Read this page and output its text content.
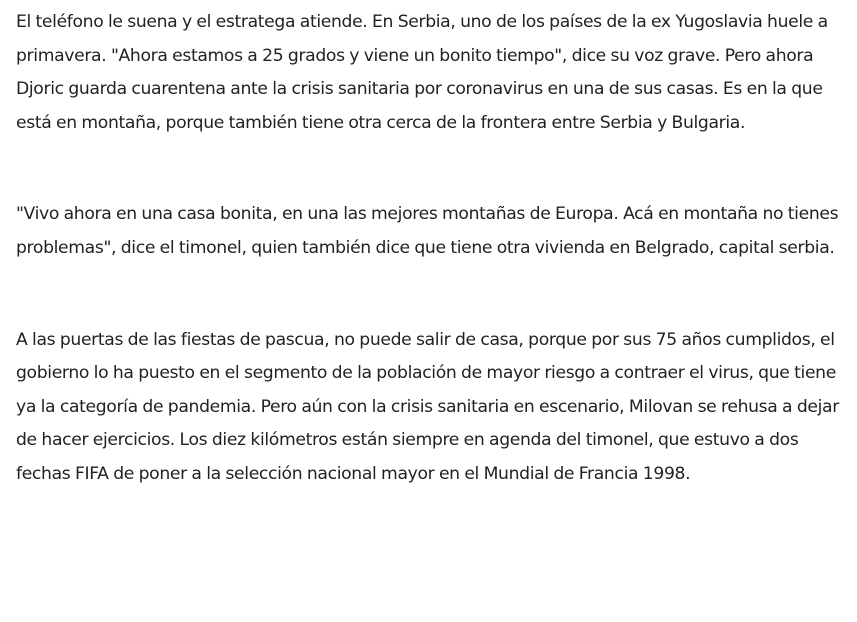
El teléfono le suena y el estratega atiende. En Serbia, uno de los países de la ex Yugoslavia huele a primavera. "Ahora estamos a 25 grados y viene un bonito tiempo", dice su voz grave. Pero ahora Djoric guarda cuarentena ante la crisis sanitaria por coronavirus en una de sus casas. Es en la que está en montaña, porque también tiene otra cerca de la frontera entre Serbia y Bulgaria.

"Vivo ahora en una casa bonita, en una las mejores montañas de Europa. Acá en montaña no tienes problemas", dice el timonel, quien también dice que tiene otra vivienda en Belgrado, capital serbia.

A las puertas de las fiestas de pascua, no puede salir de casa, porque por sus 75 años cumplidos, el gobierno lo ha puesto en el segmento de la población de mayor riesgo a contraer el virus, que tiene ya la categoría de pandemia. Pero aún con la crisis sanitaria en escenario, Milovan se rehusa a dejar de hacer ejercicios. Los diez kilómetros están siempre en agenda del timonel, que estuvo a dos fechas FIFA de poner a la selección nacional mayor en el Mundial de Francia 1998.
